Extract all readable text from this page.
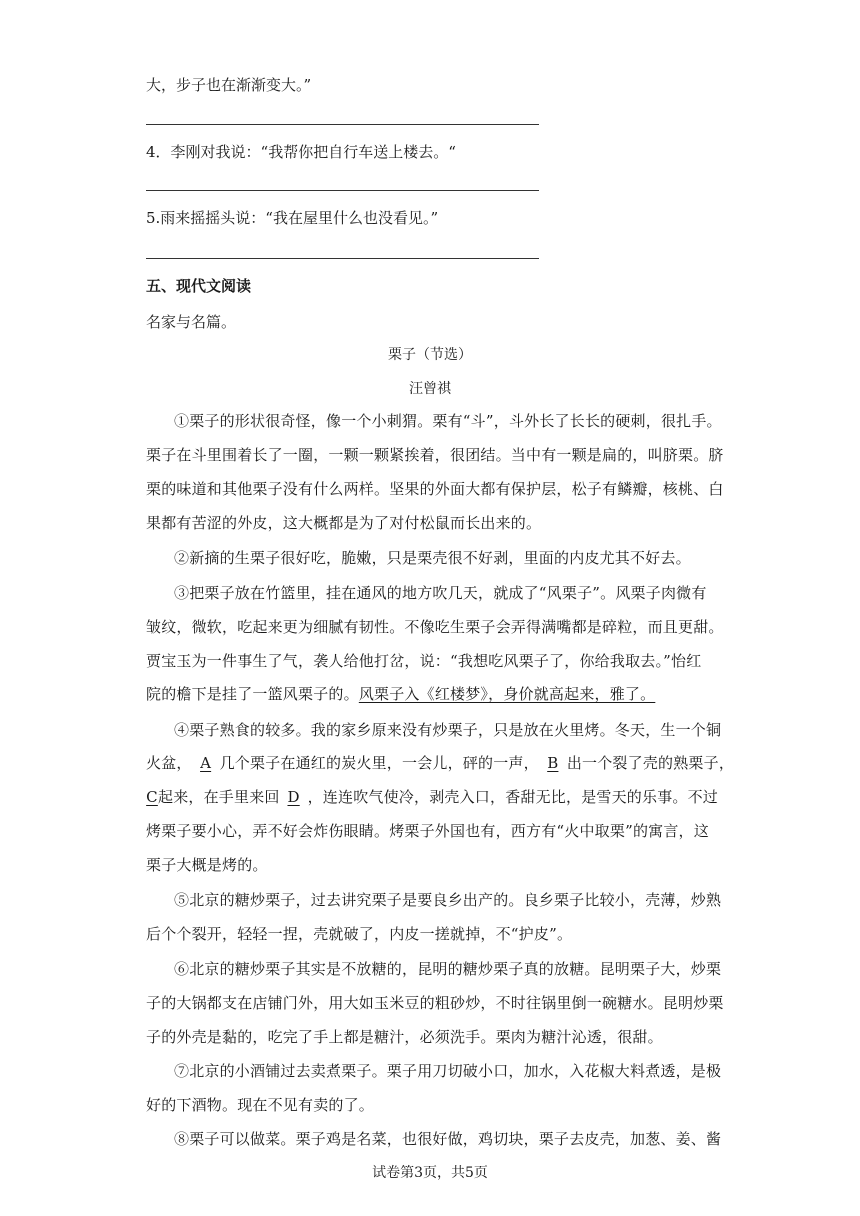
大，步子也在渐渐变大。”
4．李刚对我说：“我帮你把自行车送上楼去。“
5.雨来摇摇头说：“我在屋里什么也没看见。”
五、现代文阅读
名家与名篇。
栗子（节选）
汪曾祺
①栗子的形状很奇怪，像一个小刺猬。栗有“斗”，斗外长了长长的硬刺，很扎手。
栗子在斗里围着长了一圈，一颗一颗紧挨着，很团结。当中有一颗是扁的，叫脐栗。脐
栗的味道和其他栗子没有什么两样。坚果的外面大都有保护层，松子有鳞瓣，核桃、白
果都有苦涩的外皮，这大概都是为了对付松鼠而长出来的。
②新摘的生栗子很好吃，脆嫩，只是栗壳很不好剥，里面的内皮尤其不好去。
③把栗子放在竹篮里，挂在通风的地方吹几天，就成了“风栗子”。风栗子肉微有
皱纹，微软，吃起来更为细腻有韧性。不像吃生栗子会弄得满嘴都是碎粒，而且更甜。
贾宝玉为一件事生了气，袭人给他打岔，说：“我想吃风栗子了，你给我取去。”怡红
院的檐下是挂了一篮风栗子的。风栗子入《红楼梦》，身价就高起来，雅了。
④栗子熟食的较多。我的家乡原来没有炒栗子，只是放在火里烤。冬天，生一个铜
火盆， A 几个栗子在通红的炭火里，一会儿，砰的一声， B 出一个裂了壳的熟栗子，
C起来，在手里来回 D ，连连吹气使冷，剥壳入口，香甜无比，是雪天的乐事。不过
烤栗子要小心，弄不好会炸伤眼睛。烤栗子外国也有，西方有“火中取栗”的寓言，这
栗子大概是烤的。
⑤北京的糖炒栗子，过去讲究栗子是要良乡出产的。良乡栗子比较小，壳薄，炒熟
后个个裂开，轻轻一捏，壳就破了，内皮一搓就掉，不“护皮”。
⑥北京的糖炒栗子其实是不放糖的，昆明的糖炒栗子真的放糖。昆明栗子大，炒栗
子的大锅都支在店铺门外，用大如玉米豆的粗砂炒，不时往锅里倒一碗糖水。昆明炒栗
子的外壳是黏的，吃完了手上都是糖汁，必须洗手。栗肉为糖汁沁透，很甜。
⑦北京的小酒铺过去卖煮栗子。栗子用刀切破小口，加水，入花椒大料煮透，是极
好的下酒物。现在不见有卖的了。
⑧栗子可以做菜。栗子鸡是名菜，也很好做，鸡切块，栗子去皮壳，加葱、姜、酱
试卷第3页，共5页
